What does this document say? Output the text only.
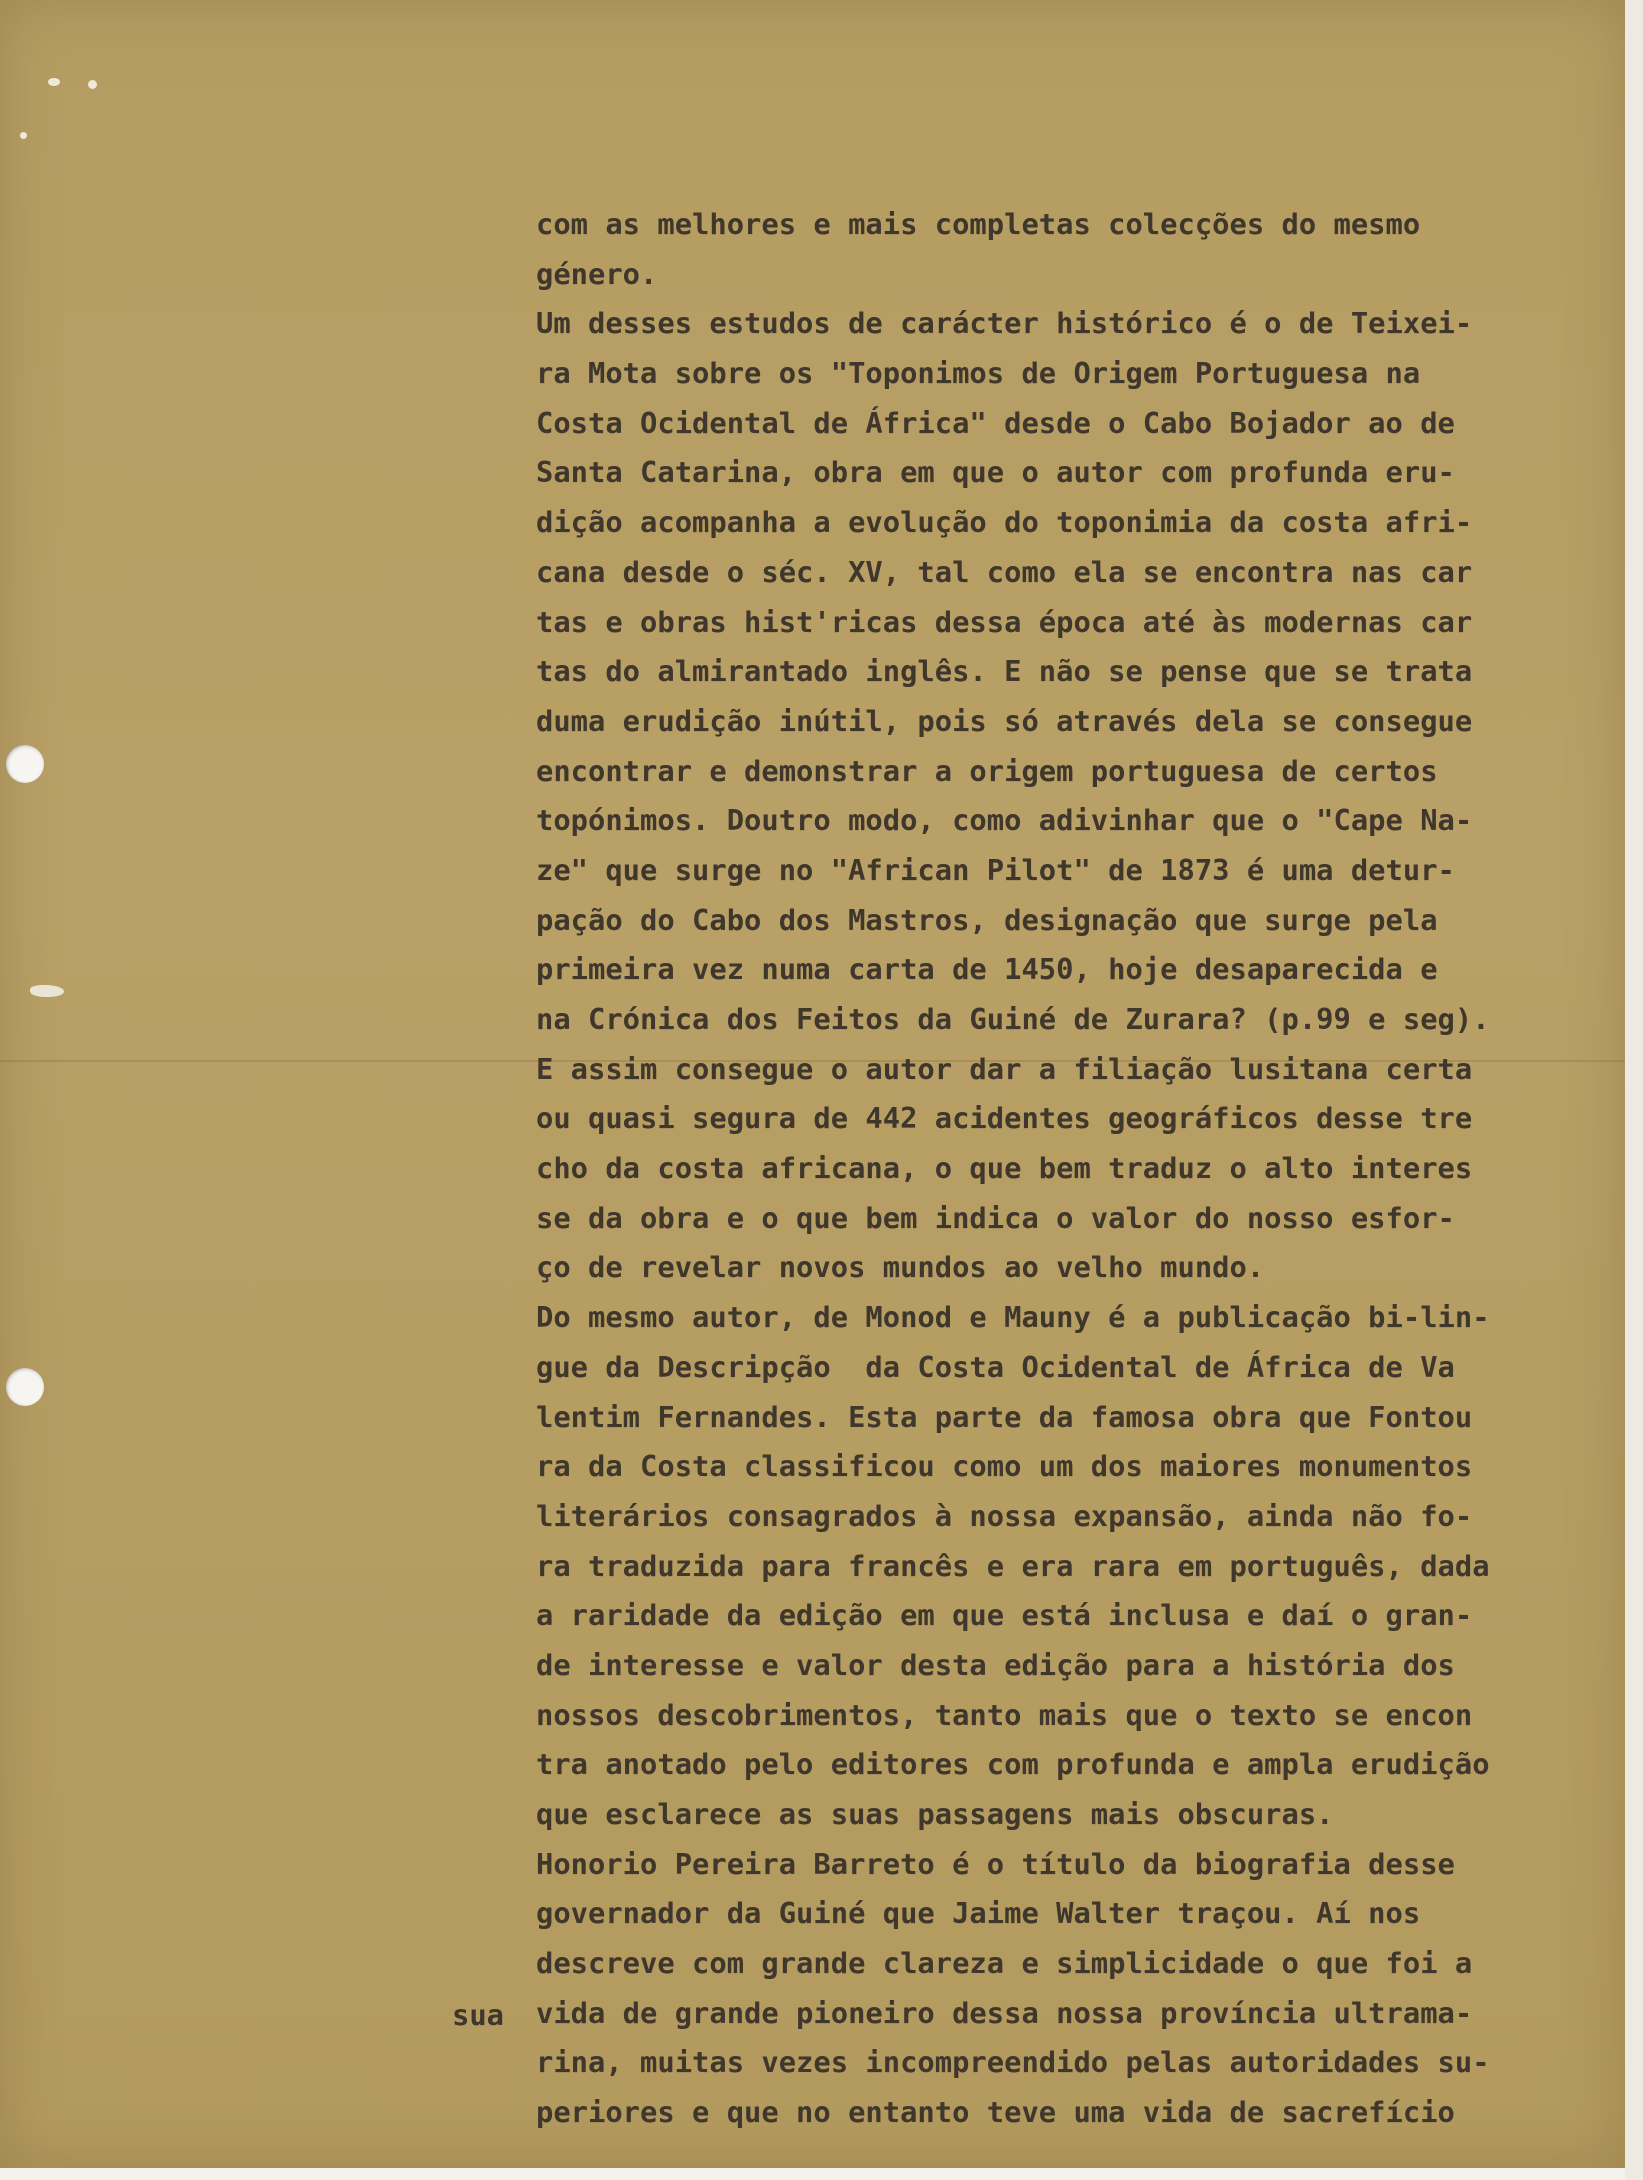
com as melhores e mais completas colecções do mesmo
género.
Um desses estudos de carácter histórico é o de Teixei-
ra Mota sobre os "Toponimos de Origem Portuguesa na
Costa Ocidental de África" desde o Cabo Bojador ao de
Santa Catarina, obra em que o autor com profunda eru-
dição acompanha a evolução do toponimia da costa afri-
cana desde o séc. XV, tal como ela se encontra nas car
tas e obras hist'ricas dessa época até às modernas car
tas do almirantado inglês. E não se pense que se trata
duma erudição inútil, pois só através dela se consegue
encontrar e demonstrar a origem portuguesa de certos
topónimos. Doutro modo, como adivinhar que o "Cape Na-
ze" que surge no "African Pilot" de 1873 é uma detur-
pação do Cabo dos Mastros, designação que surge pela
primeira vez numa carta de 1450, hoje desaparecida e
na Crónica dos Feitos da Guiné de Zurara? (p.99 e seg).
E assim consegue o autor dar a filiação lusitana certa
ou quasi segura de 442 acidentes geográficos desse tre
cho da costa africana, o que bem traduz o alto interes
se da obra e o que bem indica o valor do nosso esfor-
ço de revelar novos mundos ao velho mundo.
Do mesmo autor, de Monod e Mauny é a publicação bi-lin-
gue da Descripção  da Costa Ocidental de África de Va
lentim Fernandes. Esta parte da famosa obra que Fontou
ra da Costa classificou como um dos maiores monumentos
literários consagrados à nossa expansão, ainda não fo-
ra traduzida para francês e era rara em português, dada
a raridade da edição em que está inclusa e daí o gran-
de interesse e valor desta edição para a história dos
nossos descobrimentos, tanto mais que o texto se encon
tra anotado pelo editores com profunda e ampla erudição
que esclarece as suas passagens mais obscuras.
Honorio Pereira Barreto é o título da biografia desse
governador da Guiné que Jaime Walter traçou. Aí nos
descreve com grande clareza e simplicidade o que foi a
vida de grande pioneiro dessa nossa província ultrama-
rina, muitas vezes incompreendido pelas autoridades su-
periores e que no entanto teve uma vida de sacrefício
sua
